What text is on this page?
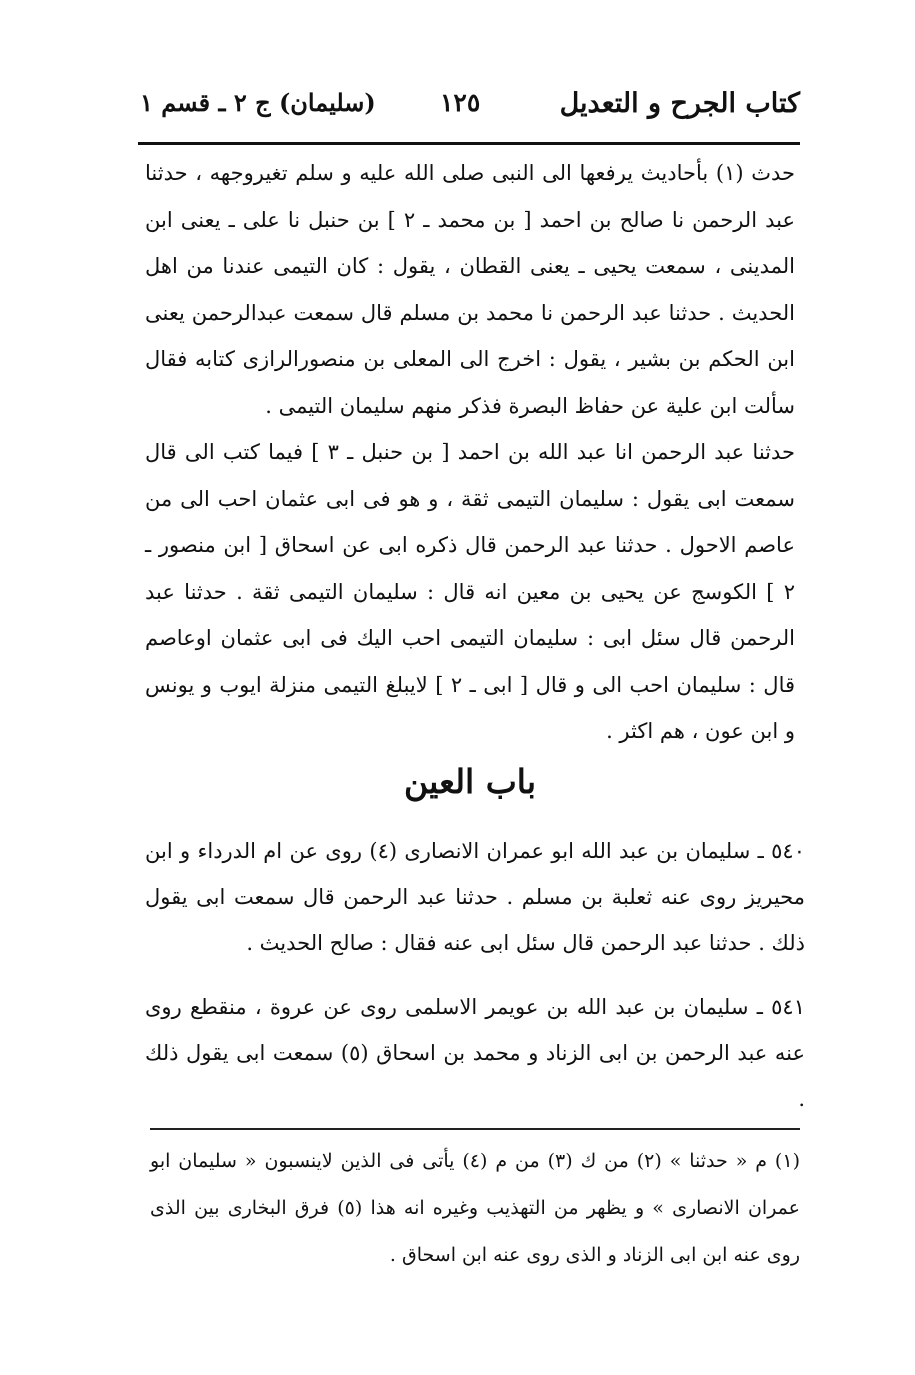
كتاب الجرح و التعديل
١٢٥
(سليمان) ج ٢ ـ قسم ١

حدث (١) بأحاديث يرفعها الى النبى صلى الله عليه و سلم تغيروجهه ، حدثنا عبد الرحمن نا صالح بن احمد [ بن محمد ـ ٢ ] بن حنبل نا على ـ يعنى ابن المدينى ، سمعت يحيى ـ يعنى القطان ، يقول : كان التيمى عندنا من اهل الحديث . حدثنا عبد الرحمن نا محمد بن مسلم قال سمعت عبدالرحمن يعنى ابن الحكم بن بشير ، يقول : اخرج الى المعلى بن منصورالرازى كتابه فقال سألت ابن علية عن حفاظ البصرة فذكر منهم سليمان التيمى .

حدثنا عبد الرحمن انا عبد الله بن احمد [ بن حنبل ـ ٣ ] فيما كتب الى قال سمعت ابى يقول : سليمان التيمى ثقة ، و هو فى ابى عثمان احب الى من عاصم الاحول . حدثنا عبد الرحمن قال ذكره ابى عن اسحاق [ ابن منصور ـ ٢ ] الكوسج عن يحيى بن معين انه قال : سليمان التيمى ثقة . حدثنا عبد الرحمن قال سئل ابى : سليمان التيمى احب اليك فى ابى عثمان اوعاصم قال : سليمان احب الى و قال [ ابى ـ ٢ ] لايبلغ التيمى منزلة ايوب و يونس و ابن عون ، هم اكثر .

باب العين
٥٤٠ ـ سليمان بن عبد الله ابو عمران الانصارى (٤) روى عن ام الدرداء و ابن محيريز روى عنه ثعلبة بن مسلم . حدثنا عبد الرحمن قال سمعت ابى يقول ذلك . حدثنا عبد الرحمن قال سئل ابى عنه فقال : صالح الحديث .
٥٤١ ـ سليمان بن عبد الله بن عويمر الاسلمى روى عن عروة ، منقطع روى عنه عبد الرحمن بن ابى الزناد و محمد بن اسحاق (٥) سمعت ابى يقول ذلك .
(١) م « حدثنا » (٢) من ك (٣) من م (٤) يأتى فى الذين لاينسبون « سليمان ابو عمران الانصارى » و يظهر من التهذيب وغيره انه هذا (٥) فرق البخارى بين الذى روى عنه ابن ابى الزناد و الذى روى عنه ابن اسحاق .
